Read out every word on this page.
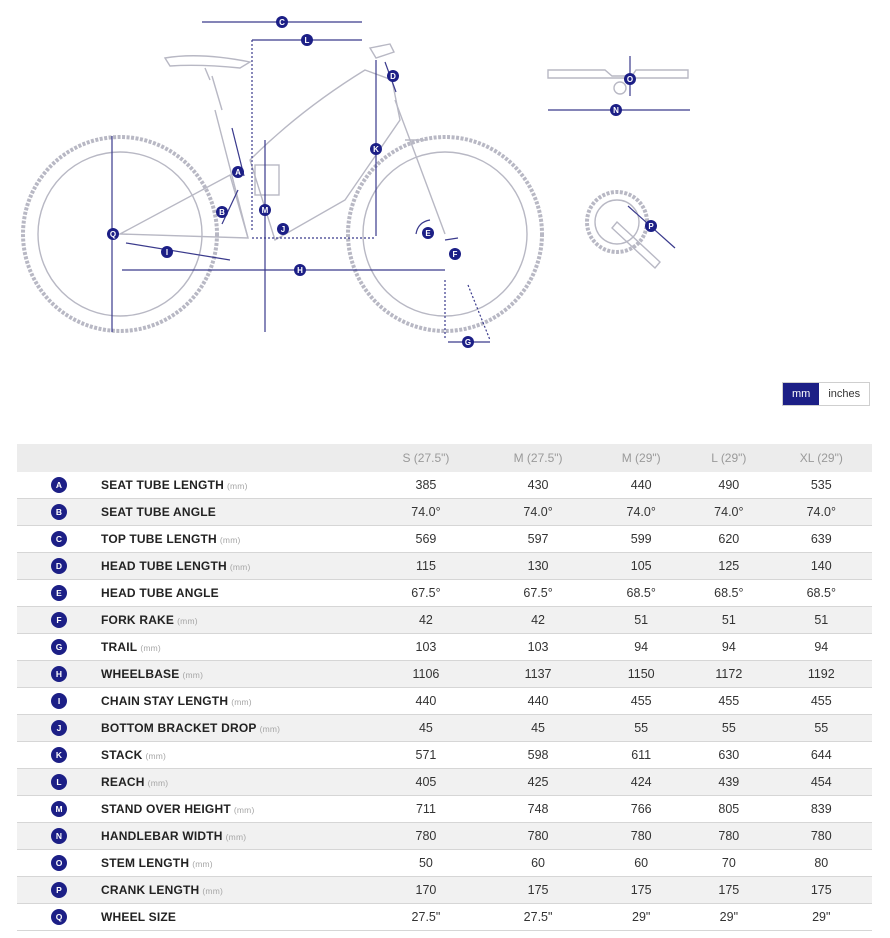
C
L
D
K
A
B	M
J	E
F
Q
I
H
G
O
N
P
mm	inches
		S (27.5")	M (27.5")	M (29")	L (29")	XL (29")
A	SEAT TUBE LENGTH (mm)	385	430	440	490	535
B	SEAT TUBE ANGLE	74.0°	74.0°	74.0°	74.0°	74.0°
C	TOP TUBE LENGTH (mm)	569	597	599	620	639
D	HEAD TUBE LENGTH (mm)	115	130	105	125	140
E	HEAD TUBE ANGLE	67.5°	67.5°	68.5°	68.5°	68.5°
F	FORK RAKE (mm)	42	42	51	51	51
G	TRAIL (mm)	103	103	94	94	94
H	WHEELBASE (mm)	1106	1137	1150	1172	1192
I	CHAIN STAY LENGTH (mm)	440	440	455	455	455
J	BOTTOM BRACKET DROP (mm)	45	45	55	55	55
K	STACK (mm)	571	598	611	630	644
L	REACH (mm)	405	425	424	439	454
M	STAND OVER HEIGHT (mm)	711	748	766	805	839
N	HANDLEBAR WIDTH (mm)	780	780	780	780	780
O	STEM LENGTH (mm)	50	60	60	70	80
P	CRANK LENGTH (mm)	170	175	175	175	175
Q	WHEEL SIZE	27.5"	27.5"	29"	29"	29"
